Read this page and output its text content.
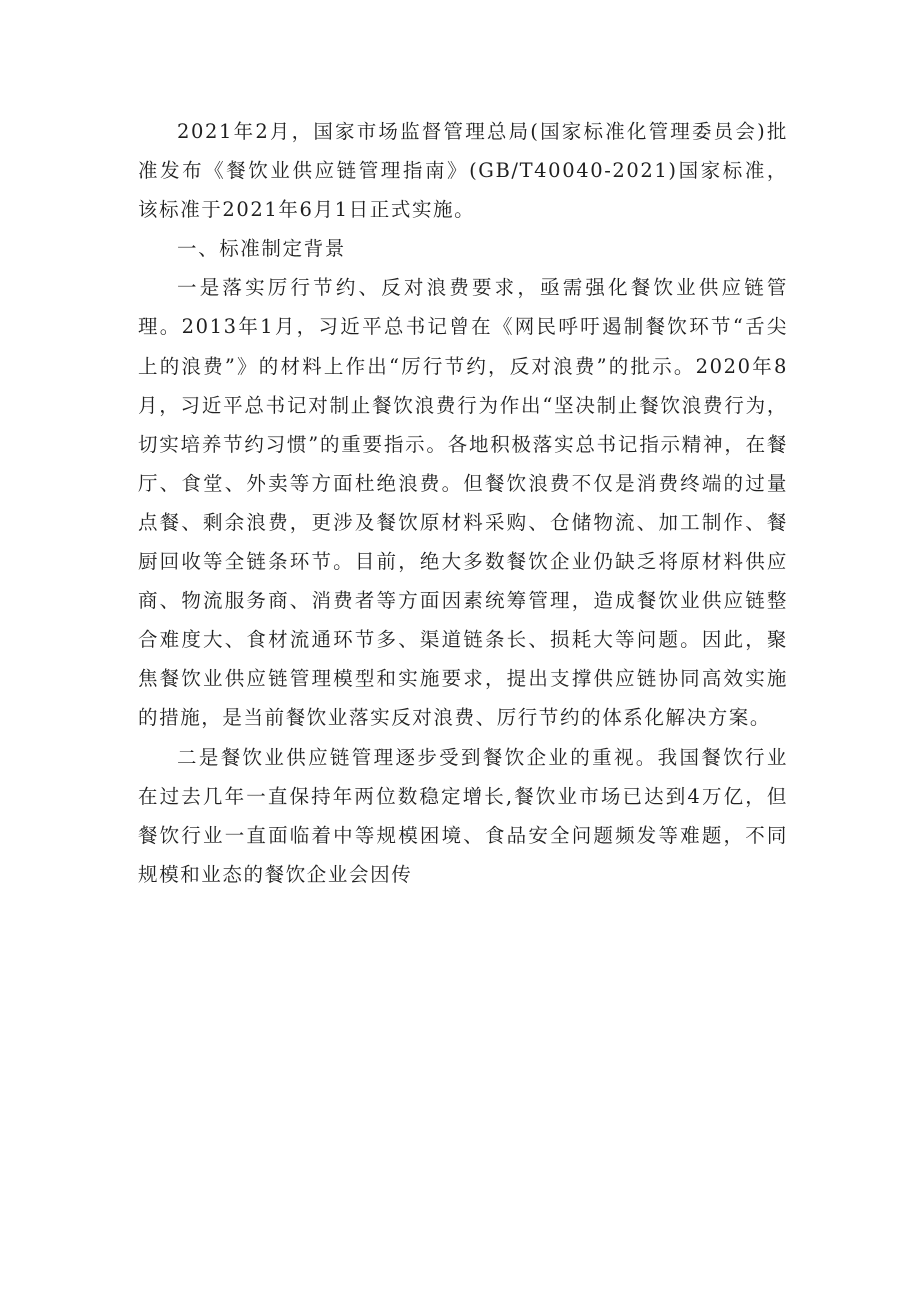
2021年2月，国家市场监督管理总局(国家标准化管理委员会)批准发布《餐饮业供应链管理指南》(GB/T40040-2021)国家标准，该标准于2021年6月1日正式实施。

一、标准制定背景

一是落实厉行节约、反对浪费要求，亟需强化餐饮业供应链管理。2013年1月，习近平总书记曾在《网民呼吁遏制餐饮环节“舌尖上的浪费”》的材料上作出“厉行节约，反对浪费”的批示。2020年8月，习近平总书记对制止餐饮浪费行为作出“坚决制止餐饮浪费行为，切实培养节约习惯”的重要指示。各地积极落实总书记指示精神，在餐厅、食堂、外卖等方面杜绝浪费。但餐饮浪费不仅是消费终端的过量点餐、剩余浪费，更涉及餐饮原材料采购、仓储物流、加工制作、餐厨回收等全链条环节。目前，绝大多数餐饮企业仍缺乏将原材料供应商、物流服务商、消费者等方面因素统筹管理，造成餐饮业供应链整合难度大、食材流通环节多、渠道链条长、损耗大等问题。因此，聚焦餐饮业供应链管理模型和实施要求，提出支撑供应链协同高效实施的措施，是当前餐饮业落实反对浪费、厉行节约的体系化解决方案。

二是餐饮业供应链管理逐步受到餐饮企业的重视。我国餐饮行业在过去几年一直保持年两位数稳定增长,餐饮业市场已达到4万亿，但餐饮行业一直面临着中等规模困境、食品安全问题频发等难题，不同规模和业态的餐饮企业会因传
